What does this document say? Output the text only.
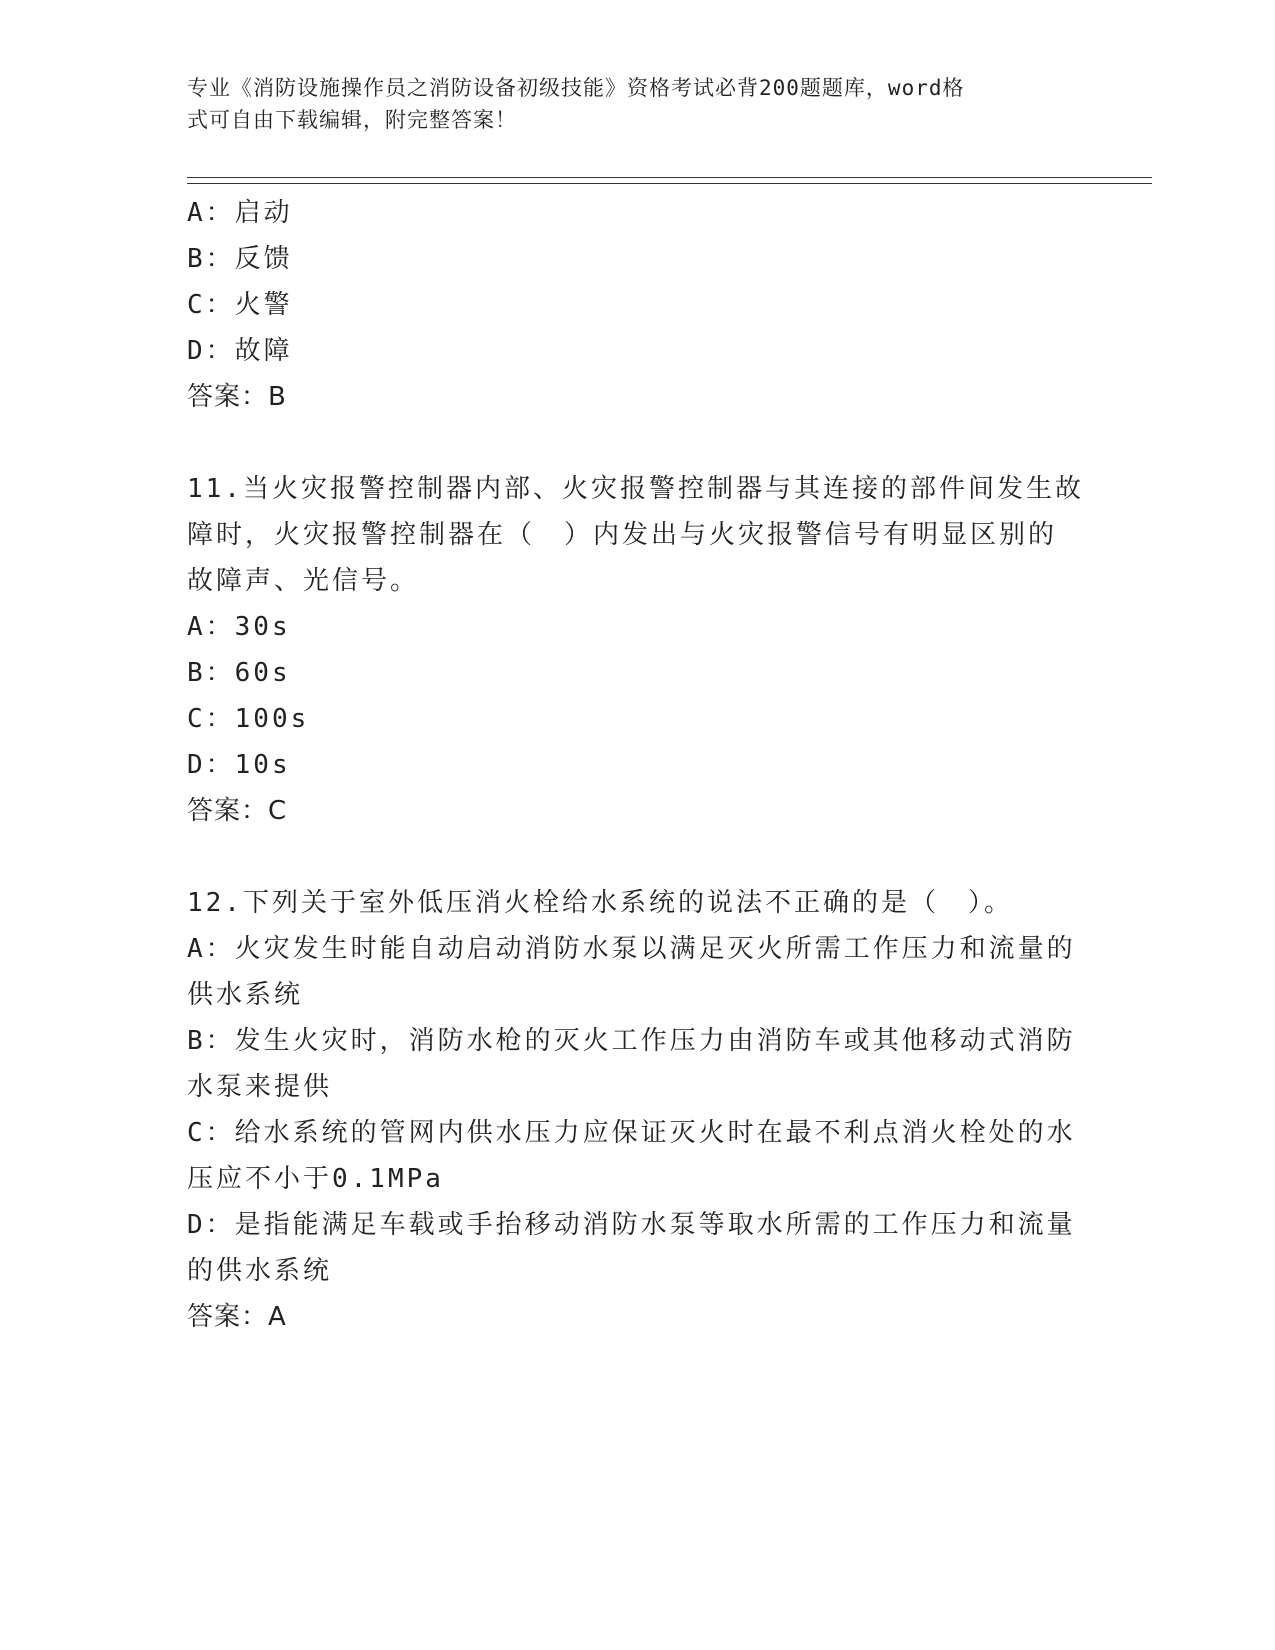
专业《消防设施操作员之消防设备初级技能》资格考试必背200题题库，word格
式可自由下载编辑，附完整答案！
A：启动
B：反馈
C：火警
D：故障
答案：B
11.当火灾报警控制器内部、火灾报警控制器与其连接的部件间发生故
障时，火灾报警控制器在（　）内发出与火灾报警信号有明显区别的
故障声、光信号。
A：30s
B：60s
C：100s
D：10s
答案：C
12.下列关于室外低压消火栓给水系统的说法不正确的是（　）。
A：火灾发生时能自动启动消防水泵以满足灭火所需工作压力和流量的
供水系统
B：发生火灾时，消防水枪的灭火工作压力由消防车或其他移动式消防
水泵来提供
C：给水系统的管网内供水压力应保证灭火时在最不利点消火栓处的水
压应不小于0.1MPa
D：是指能满足车载或手抬移动消防水泵等取水所需的工作压力和流量
的供水系统
答案：A
